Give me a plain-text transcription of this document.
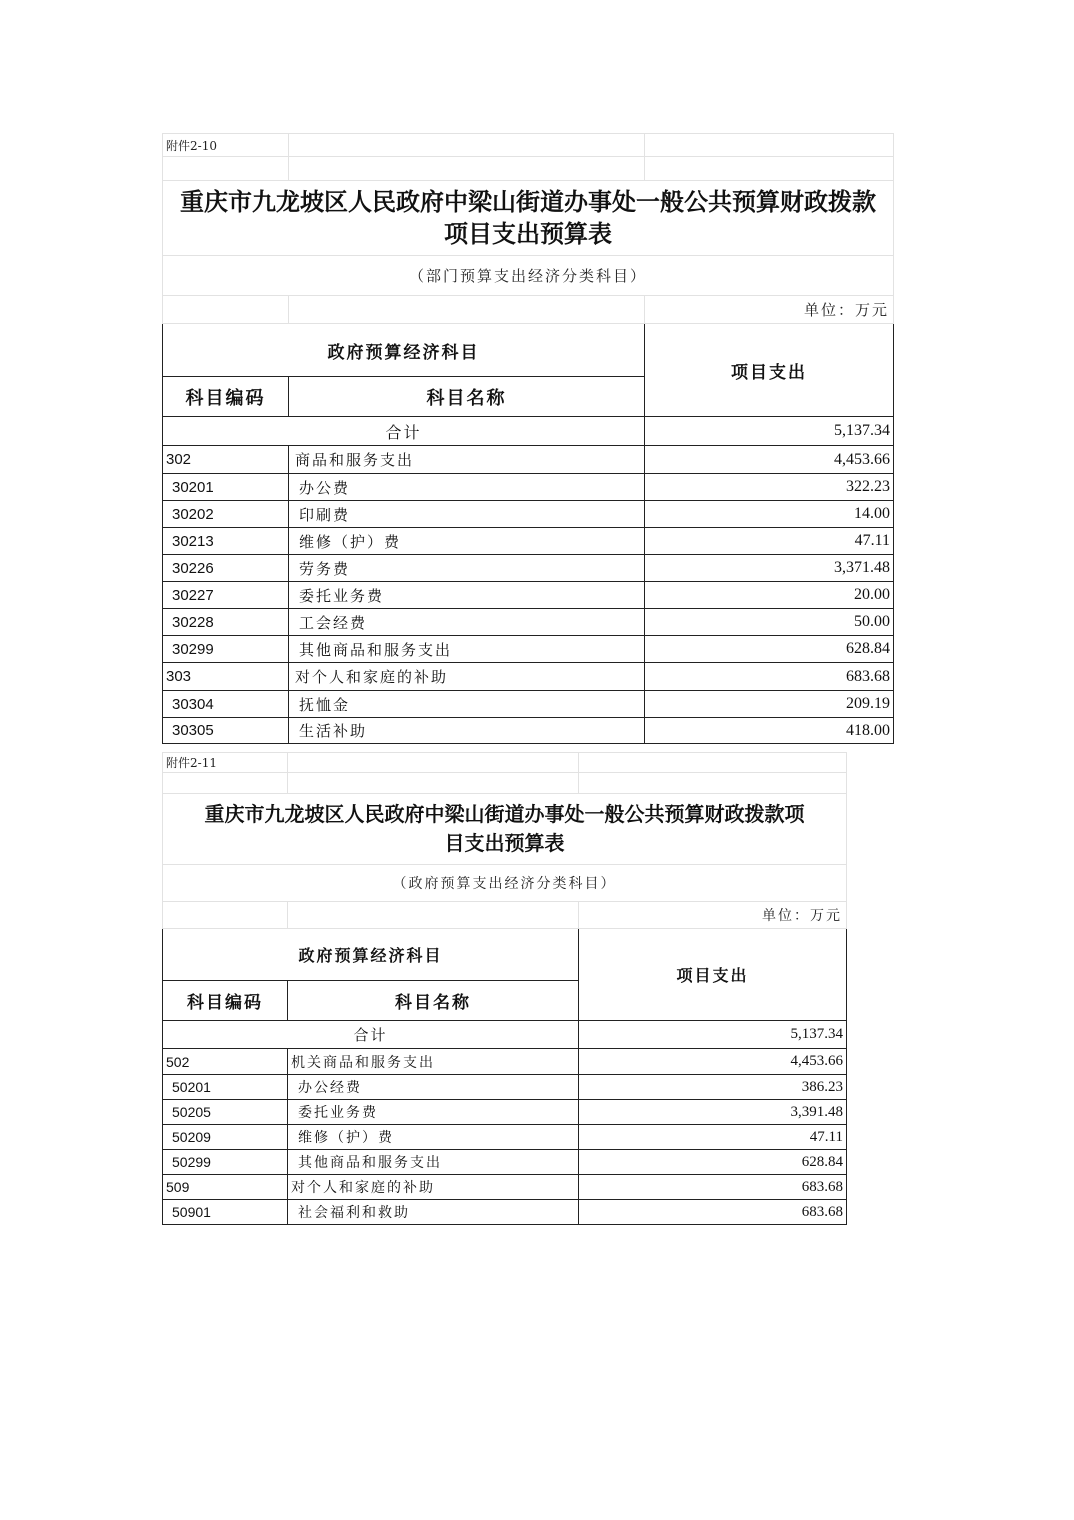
附件2-10		

重庆市九龙坡区人民政府中梁山街道办事处一般公共预算财政拨款
项目支出预算表		

（部门预算支出经济分类科目）		
		单位：万元
政府预算经济科目		项目支出
科目编码	科目名称	
合计		5,137.34
302	商品和服务支出	4,453.66
30201	办公费	322.23
30202	印刷费	14.00
30213	维修（护）费	47.11
30226	劳务费	3,371.48
30227	委托业务费	20.00
30228	工会经费	50.00
30299	其他商品和服务支出	628.84
303	对个人和家庭的补助	683.68
30304	抚恤金	209.19
30305	生活补助	418.00
附件2-11		

重庆市九龙坡区人民政府中梁山街道办事处一般公共预算财政拨款项
目支出预算表		

（政府预算支出经济分类科目）		
		单位：万元
政府预算经济科目		项目支出
科目编码	科目名称	
合计		5,137.34
502	机关商品和服务支出	4,453.66
50201	办公经费	386.23
50205	委托业务费	3,391.48
50209	维修（护）费	47.11
50299	其他商品和服务支出	628.84
509	对个人和家庭的补助	683.68
50901	社会福利和救助	683.68
